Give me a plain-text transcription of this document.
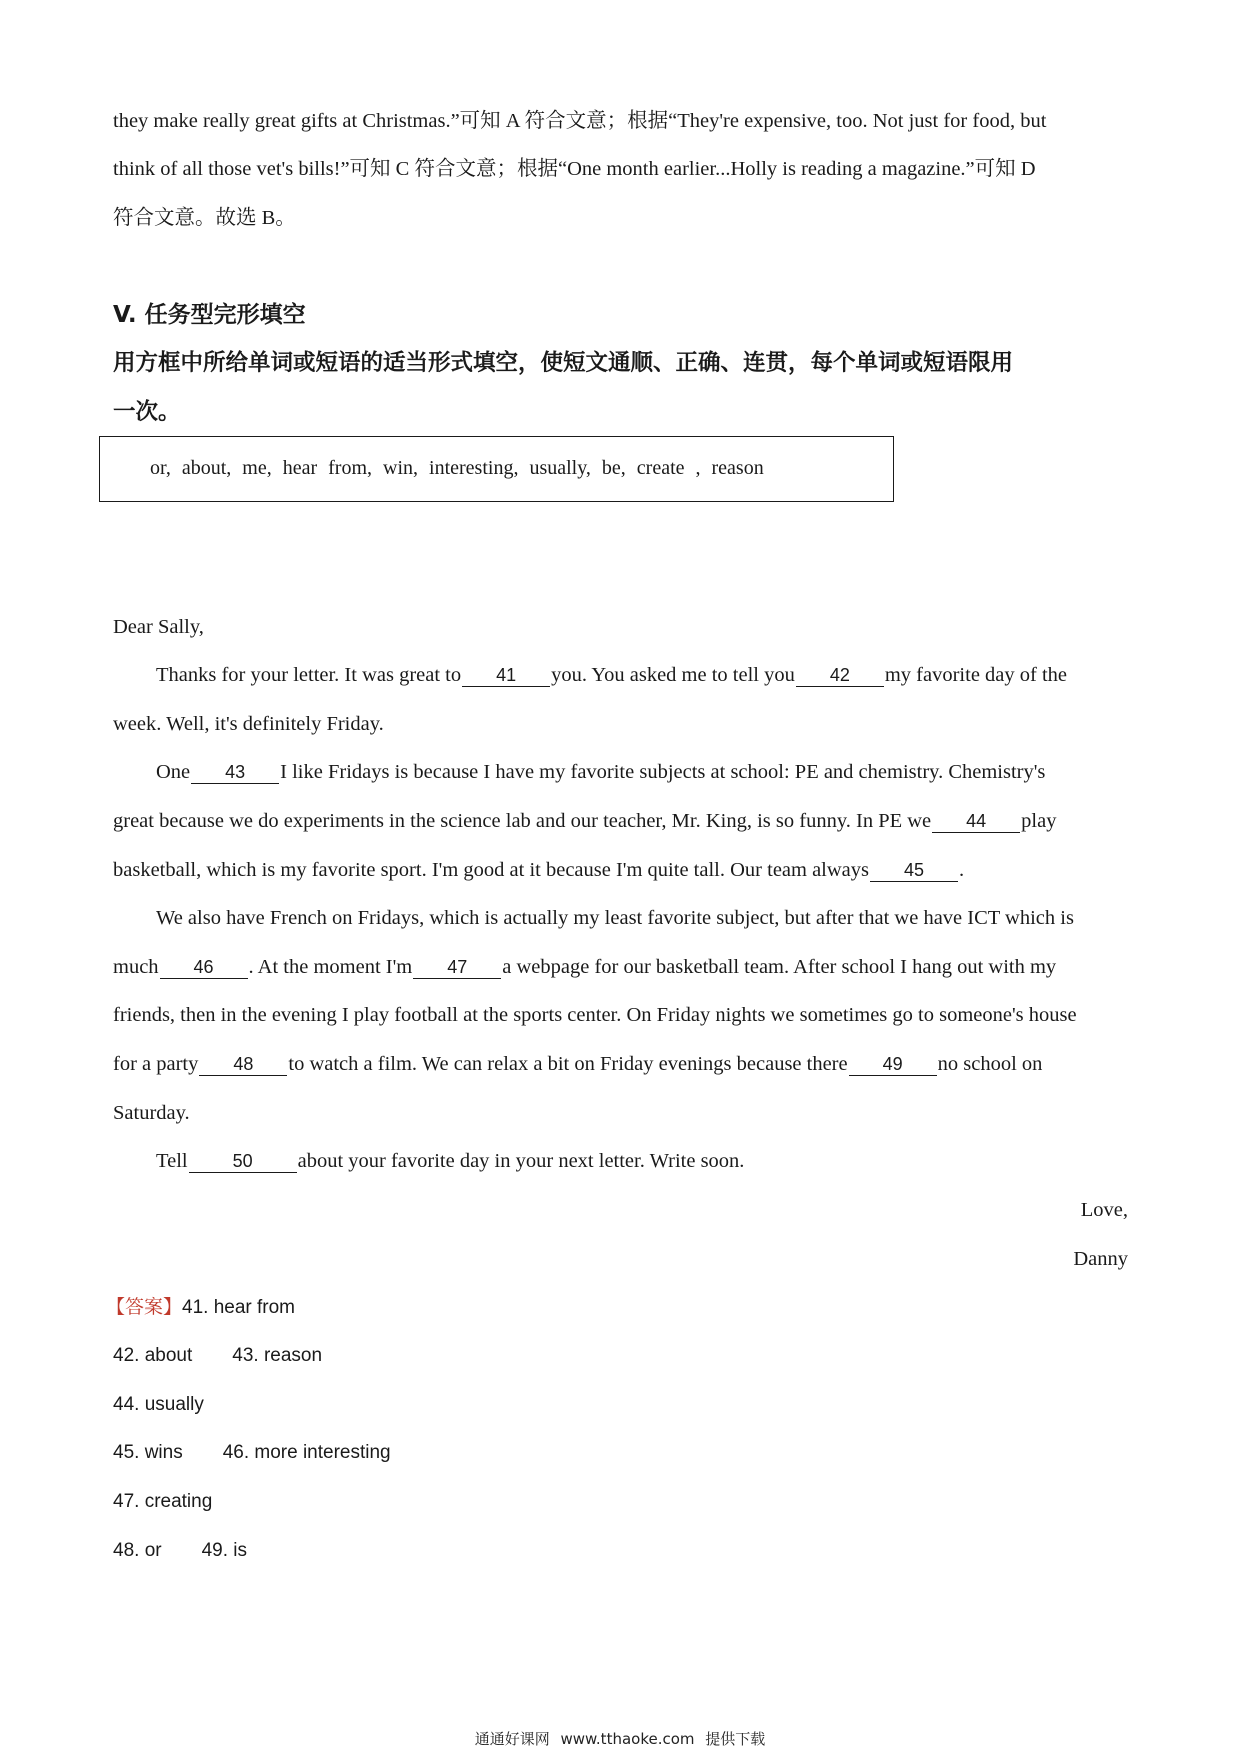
they make really great gifts at Christmas.”可知 A 符合文意；根据“They're expensive, too. Not just for food, but
think of all those vet's bills!”可知 C 符合文意；根据“One month earlier...Holly is reading a magazine.”可知 D
符合文意。故选 B。
V. 任务型完形填空
用方框中所给单词或短语的适当形式填空，使短文通顺、正确、连贯，每个单词或短语限用
一次。
or, about, me, hear from, win, interesting, usually, be, create , reason
Dear Sally,
Thanks for your letter. It was great to 41 you. You asked me to tell you 42 my favorite day of the
week. Well, it's definitely Friday.
One 43 I like Fridays is because I have my favorite subjects at school: PE and chemistry. Chemistry's
great because we do experiments in the science lab and our teacher, Mr. King, is so funny. In PE we 44 play
basketball, which is my favorite sport. I'm good at it because I'm quite tall. Our team always 45 .
We also have French on Fridays, which is actually my least favorite subject, but after that we have ICT which is
much 46 . At the moment I'm 47 a webpage for our basketball team. After school I hang out with my
friends, then in the evening I play football at the sports center. On Friday nights we sometimes go to someone's house
for a party 48 to watch a film. We can relax a bit on Friday evenings because there 49 no school on
Saturday.
Tell 50 about your favorite day in your next letter. Write soon.
Love,
Danny
【答案】41. hear from
42. about 43. reason
44. usually
45. wins 46. more interesting
47. creating
48. or 49. is
通通好课网 www.tthaoke.com 提供下载
